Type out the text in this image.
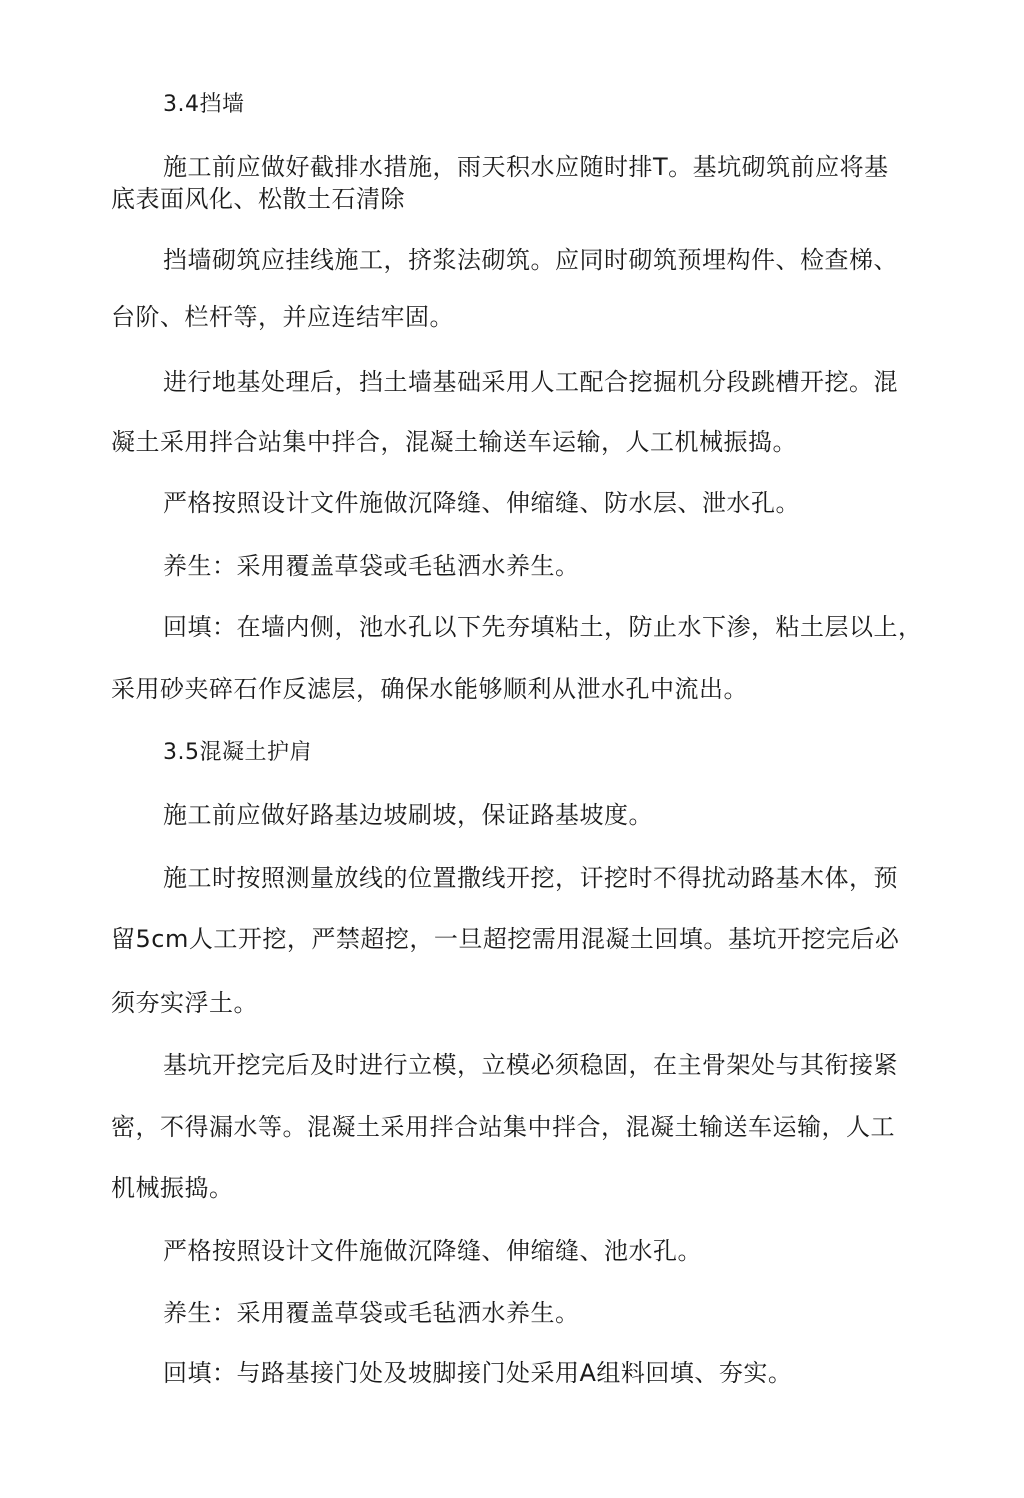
3.4挡墙
施工前应做好截排水措施，雨天积水应随时排T。基坑砌筑前应将基
底表面风化、松散土石清除
挡墙砌筑应挂线施工，挤浆法砌筑。应同时砌筑预埋构件、检查梯、
台阶、栏杆等，并应连结牢固。
进行地基处理后，挡土墙基础采用人工配合挖掘机分段跳槽开挖。混
凝土采用拌合站集中拌合，混凝土输送车运输，人工机械振捣。
严格按照设计文件施做沉降缝、伸缩缝、防水层、泄水孔。
养生：采用覆盖草袋或毛毡洒水养生。
回填：在墙内侧，池水孔以下先夯填粘土，防止水下渗，粘土层以上，
采用砂夹碎石作反滤层，确保水能够顺利从泄水孔中流出。
3.5混凝土护肩
施工前应做好路基边坡刷坡，保证路基坡度。
施工时按照测量放线的位置撒线开挖，讦挖时不得扰动路基木体，预
留5cm人工开挖，严禁超挖，一旦超挖需用混凝土回填。基坑开挖完后必
须夯实浮土。
基坑开挖完后及时进行立模，立模必须稳固，在主骨架处与其衔接紧
密，不得漏水等。混凝土采用拌合站集中拌合，混凝土输送车运输，人工
机械振捣。
严格按照设计文件施做沉降缝、伸缩缝、池水孔。
养生：采用覆盖草袋或毛毡洒水养生。
回填：与路基接门处及坡脚接门处采用A组料回填、夯实。
